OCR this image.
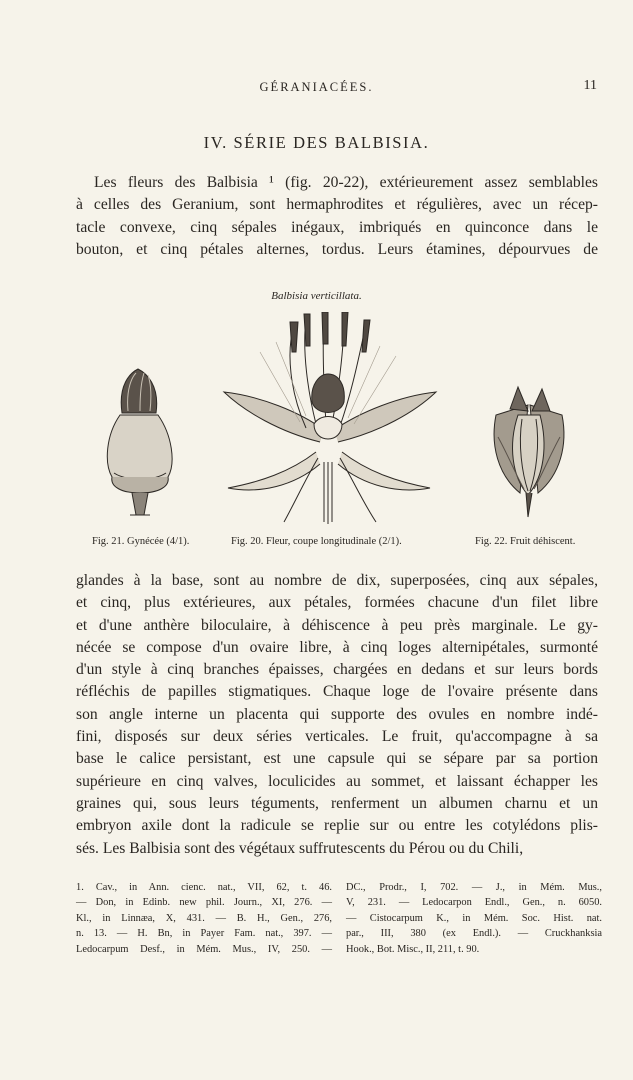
GÉRANIACÉES.	11
IV. SÉRIE DES BALBISIA.
Les fleurs des Balbisia ¹ (fig. 20-22), extérieurement assez semblables
à celles des Geranium, sont hermaphrodites et régulières, avec un récep-
tacle convexe, cinq sépales inégaux, imbriqués en quinconce dans le
bouton, et cinq pétales alternes, tordus. Leurs étamines, dépourvues de
Balbisia verticillata.
Fig. 21. Gynécée (4/1).	Fig. 20. Fleur, coupe longitudinale (2/1).	Fig. 22. Fruit déhiscent.
glandes à la base, sont au nombre de dix, superposées, cinq aux sépales,
et cinq, plus extérieures, aux pétales, formées chacune d'un filet libre
et d'une anthère biloculaire, à déhiscence à peu près marginale. Le gy-
nécée se compose d'un ovaire libre, à cinq loges alternipétales, surmonté
d'un style à cinq branches épaisses, chargées en dedans et sur leurs bords
réfléchis de papilles stigmatiques. Chaque loge de l'ovaire présente dans
son angle interne un placenta qui supporte des ovules en nombre indé-
fini, disposés sur deux séries verticales. Le fruit, qu'accompagne à sa
base le calice persistant, est une capsule qui se sépare par sa portion
supérieure en cinq valves, loculicides au sommet, et laissant échapper les
graines qui, sous leurs téguments, renferment un albumen charnu et un
embryon axile dont la radicule se replie sur ou entre les cotylédons plis-
sés. Les Balbisia sont des végétaux suffrutescents du Pérou ou du Chili,
1. Cav., in Ann. cienc. nat., VII, 62, t. 46.
— Don, in Edinb. new phil. Journ., XI, 276. —
Kl., in Linnæa, X, 431. — B. H., Gen., 276,
n. 13. — H. Bn, in Payer Fam. nat., 397. —
Ledocarpum Desf., in Mém. Mus., IV, 250. —
DC., Prodr., I, 702. — J., in Mém. Mus.,
V, 231. — Ledocarpon Endl., Gen., n. 6050.
— Cistocarpum K., in Mém. Soc. Hist. nat.
par., III, 380 (ex Endl.). — Cruckhanksia
Hook., Bot. Misc., II, 211, t. 90.
